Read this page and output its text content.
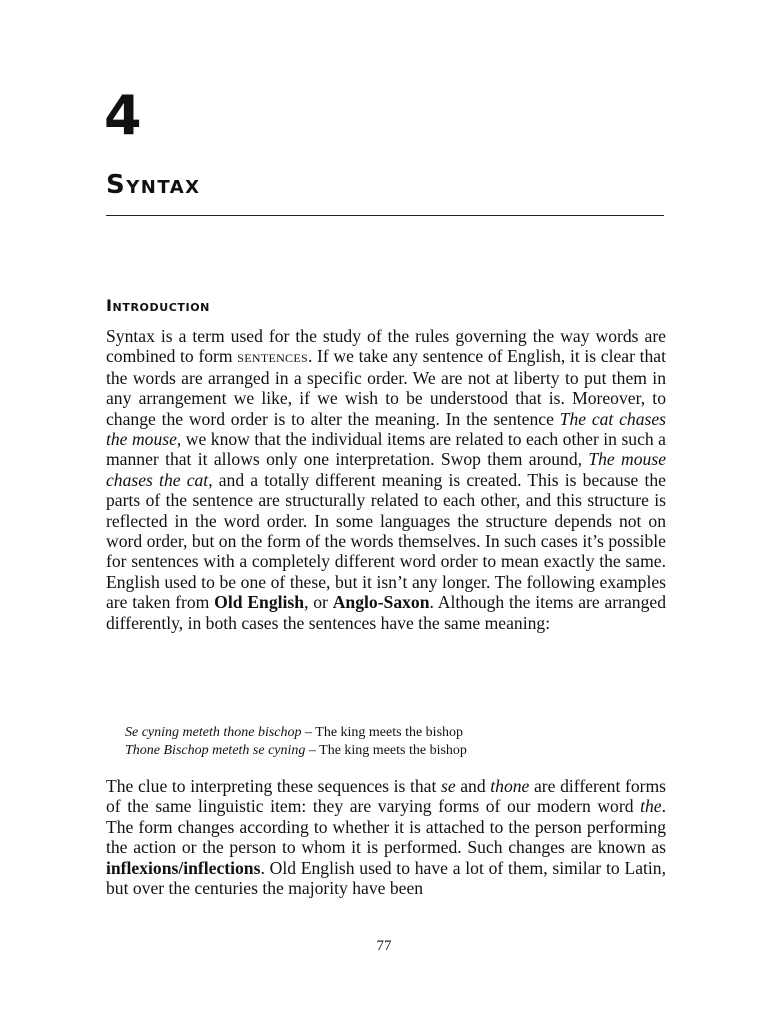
4
Syntax
Introduction

Syntax is a term used for the study of the rules governing the way words are combined to form sentences. If we take any sentence of English, it is clear that the words are arranged in a specific order. We are not at liberty to put them in any arrangement we like, if we wish to be understood that is. Moreover, to change the word order is to alter the meaning. In the sentence The cat chases the mouse, we know that the individual items are related to each other in such a manner that it allows only one interpretation. Swop them around, The mouse chases the cat, and a totally different meaning is created. This is because the parts of the sentence are structurally related to each other, and this structure is reflected in the word order. In some languages the structure depends not on word order, but on the form of the words themselves. In such cases it’s possible for sentences with a completely different word order to mean exactly the same. English used to be one of these, but it isn’t any longer. The following examples are taken from Old English, or Anglo-Saxon. Although the items are arranged differently, in both cases the sentences have the same meaning:

Se cyning meteth thone bischop – The king meets the bishop
Thone Bischop meteth se cyning – The king meets the bishop

The clue to interpreting these sequences is that se and thone are different forms of the same linguistic item: they are varying forms of our modern word the. The form changes according to whether it is attached to the person performing the action or the person to whom it is performed. Such changes are known as inflexions/inflections. Old English used to have a lot of them, similar to Latin, but over the centuries the majority have been

77
